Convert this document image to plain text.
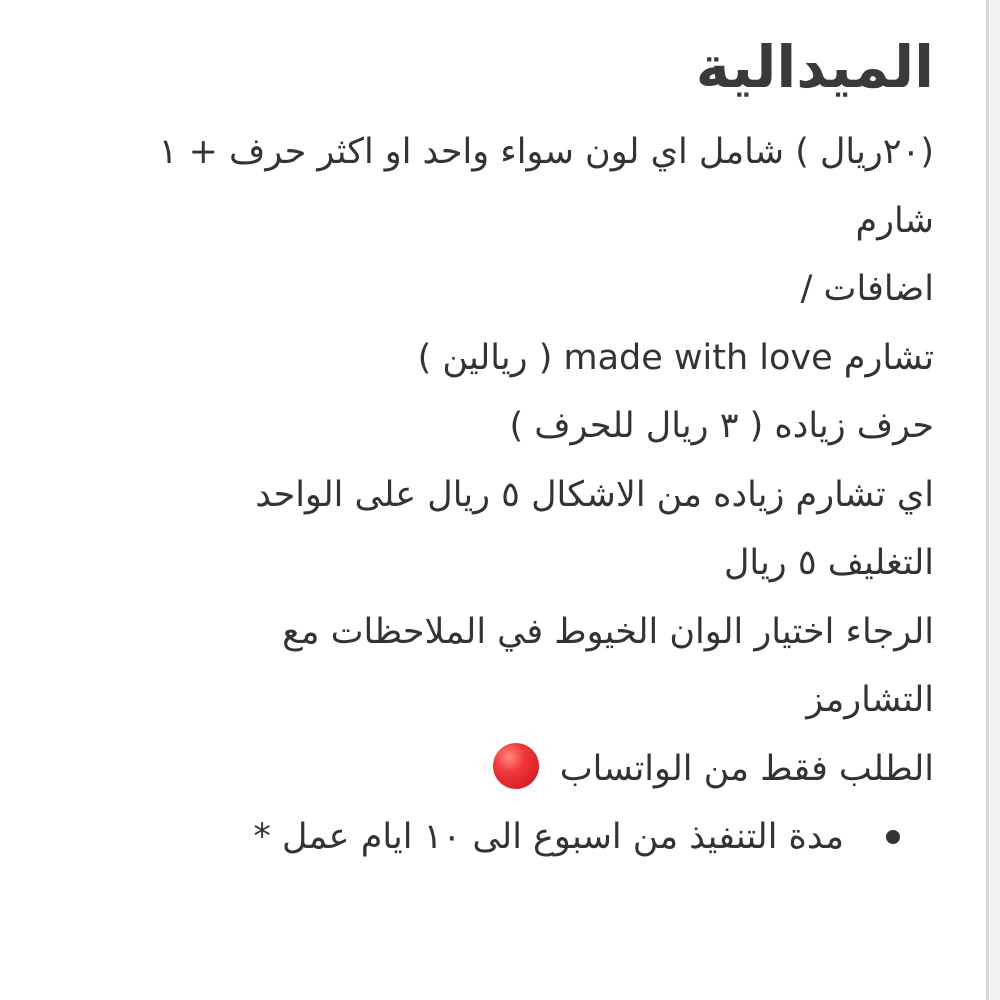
الميدالية
(٢٠ريال ) شامل اي لون سواء واحد او اكثر حرف + ١
شارم
اضافات /
تشارم made with love ( ريالين )
حرف زياده ( ٣ ريال للحرف )
اي تشارم زياده من الاشكال ٥ ريال على الواحد
التغليف ٥ ريال
الرجاء اختيار الوان الخيوط في الملاحظات مع
التشارمز
الطلب فقط من الواتساب
مدة التنفيذ من اسبوع الى ١٠ ايام عمل *
